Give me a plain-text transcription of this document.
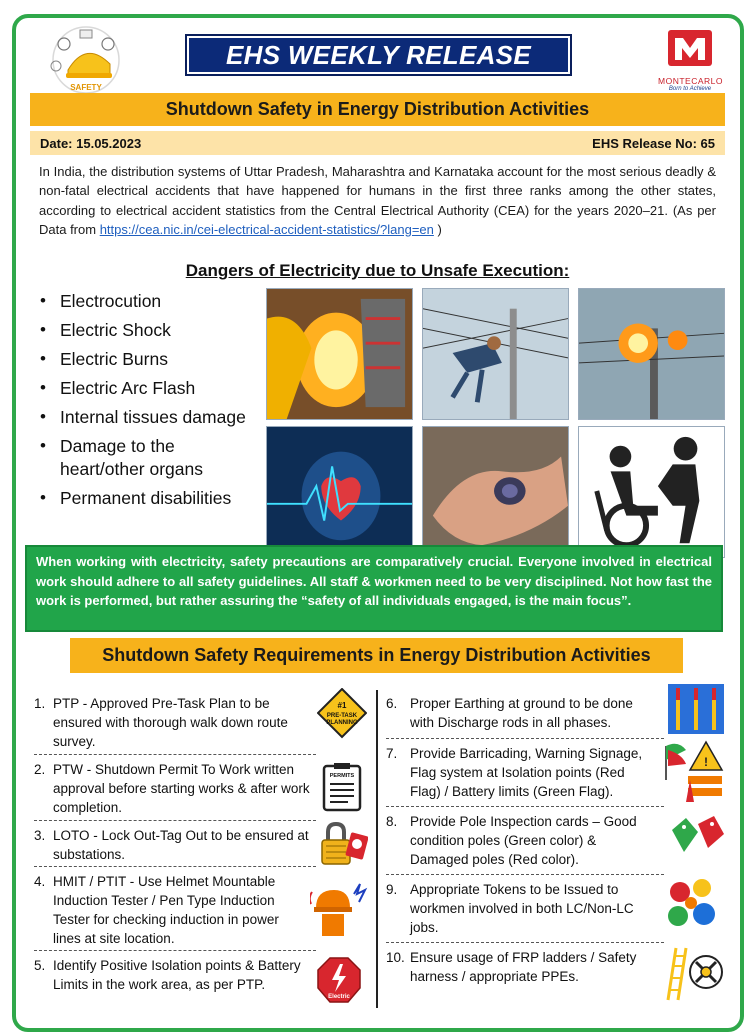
SAFETY
EHS WEEKLY RELEASE
MONTECARLO
Born to Achieve
Shutdown Safety in Energy Distribution Activities
Date: 15.05.2023	EHS Release No: 65

In India, the distribution systems of Uttar Pradesh, Maharashtra and Karnataka account for the most serious deadly & non-fatal electrical accidents that have happened for humans in the first three ranks among the other states, according to electrical accident statistics from the Central Electrical Authority (CEA) for the years 2020–21. (As per Data from https://cea.nic.in/cei-electrical-accident-statistics/?lang=en )

Dangers of Electricity due to Unsafe Execution:
• Electrocution
• Electric Shock
• Electric Burns
• Electric Arc Flash
• Internal tissues damage
• Damage to the heart/other organs
• Permanent disabilities
When working with electricity, safety precautions are comparatively crucial. Everyone involved in electrical work should adhere to all safety guidelines. All staff & workmen need to be very disciplined. Not how fast the work is performed, but rather assuring the “safety of all individuals engaged, is the main focus”.
Shutdown Safety Requirements in Energy Distribution Activities
1. PTP - Approved Pre-Task Plan to be ensured with thorough walk down route survey.
#1
PRE-TASK
PLANNING
2. PTW - Shutdown Permit To Work written approval before starting works & after work completion.
PERMITS
3. LOTO - Lock Out-Tag Out to be ensured at substations.
4. HMIT / PTIT - Use Helmet Mountable Induction Tester / Pen Type Induction Tester for checking induction in power lines at site location.
5. Identify Positive Isolation points & Battery Limits in the work area, as per PTP.
Electric
6. Proper Earthing at ground to be done with Discharge rods in all phases.
7. Provide Barricading, Warning Signage, Flag system at Isolation points (Red Flag) / Battery limits (Green Flag).
!
8. Provide Pole Inspection cards – Good condition poles (Green color) & Damaged poles (Red color).
9. Appropriate Tokens to be Issued to workmen involved in both LC/Non-LC jobs.
10. Ensure usage of FRP ladders / Safety harness / appropriate PPEs.
